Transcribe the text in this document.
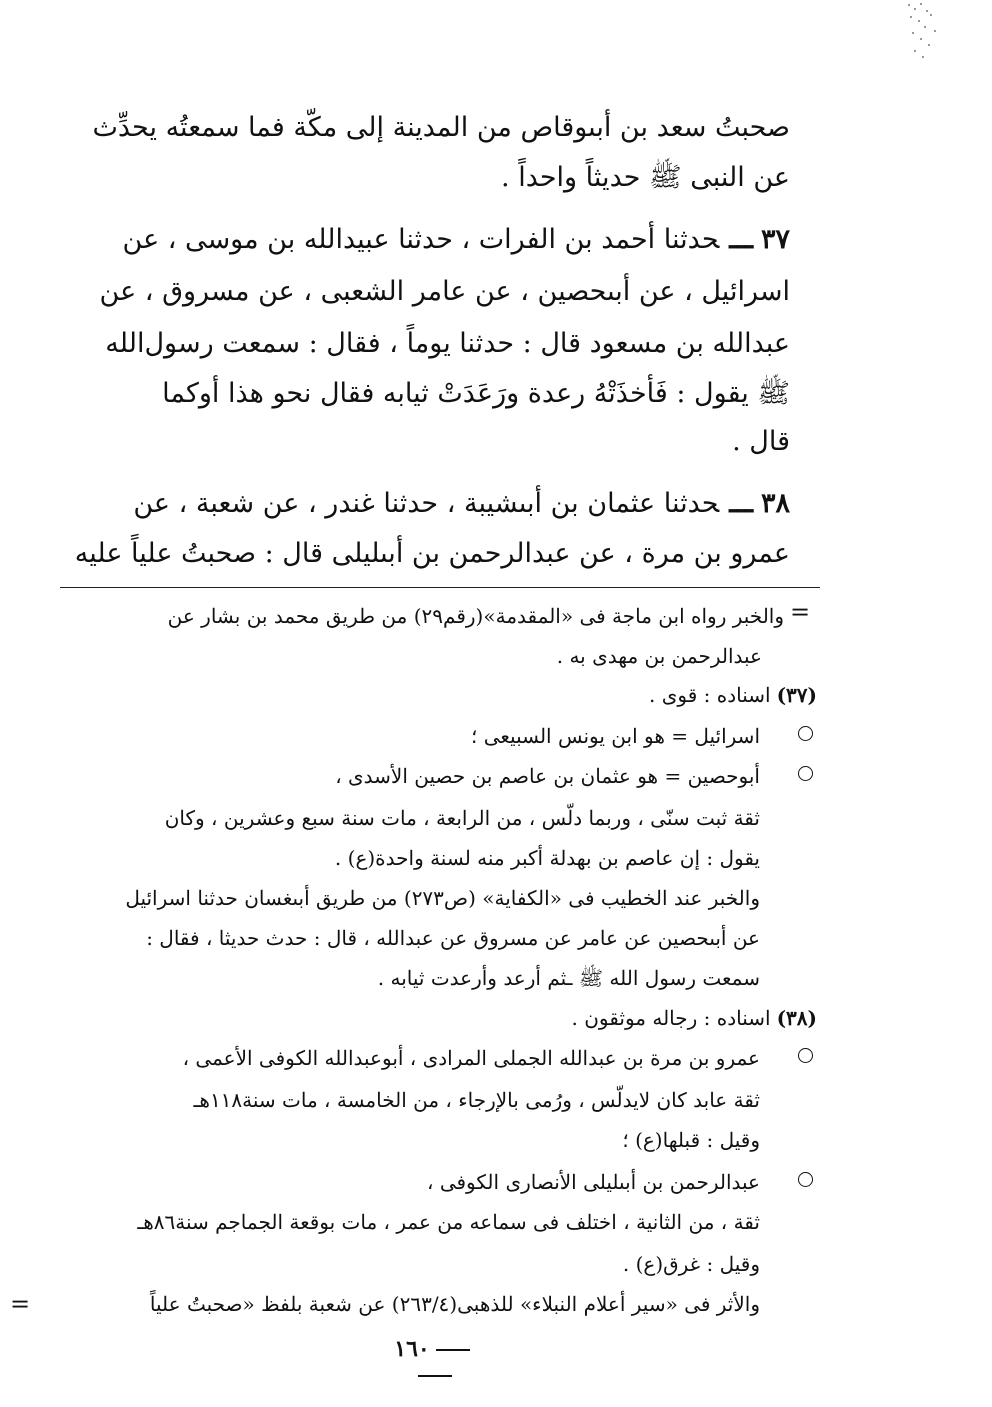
صحبتُ سعد بن أبىوقاص من المدينة إلى مكّة فما سمعتُه يحدِّث
عن النبى ﷺ حديثاً واحداً .
٣٧ـــحدثنا أحمد بن الفرات ، حدثنا عبيدالله بن موسى ، عن
اسرائيل ، عن أبىحصين ، عن عامر الشعبى ، عن مسروق ، عن
عبدالله بن مسعود قال : حدثنا يوماً ، فقال : سمعت رسول‌الله
ﷺ يقول : فَأخذَتْهُ رعدة ورَعَدَتْ ثيابه فقال نحو هذا أوكما
قال .
٣٨ـــحدثنا عثمان بن أبىشيبة ، حدثنا غندر ، عن شعبة ، عن
عمرو بن مرة ، عن عبدالرحمن بن أبىليلى قال : صحبتُ علياً عليه
=
والخبر رواه ابن ماجة فى «المقدمة»(رقم٢٩) من طريق محمد بن بشار عن
عبدالرحمن بن مهدى به .
(٣٧)اسناده : قوى .
اسرائيل = هو ابن يونس السبيعى ؛
أبوحصين = هو عثمان بن عاصم بن حصين الأسدى ،
ثقة ثبت سنّى ، وربما دلّس ، من الرابعة ، مات سنة سبع وعشرين ، وكان
يقول : إن عاصم بن بهدلة أكبر منه لسنة واحدة(ع) .
والخبر عند الخطيب فى «الكفاية» (ص٢٧٣) من طريق أبىغسان حدثنا اسرائيل
عن أبىحصين عن عامر عن مسروق عن عبدالله ، قال : حدث حديثا ، فقال :
سمعت رسول الله ﷺ ـثم أرعد وأرعدت ثيابه .
(٣٨)اسناده : رجاله موثقون .
عمرو بن مرة بن عبدالله الجملى المرادى ، أبوعبدالله الكوفى الأعمى ،
ثقة عابد كان لايدلّس ، ورُمى بالإرجاء ، من الخامسة ، مات سنة١١٨هـ
وقيل : قبلها(ع) ؛
عبدالرحمن بن أبىليلى الأنصارى الكوفى ،
ثقة ، من الثانية ، اختلف فى سماعه من عمر ، مات بوقعة الجماجم سنة٨٦هـ
وقيل : غرق(ع) .
والأثر فى «سير أعلام النبلاء» للذهبى(٢٦٣/٤) عن شعبة بلفظ «صحبتُ علياً
=
١٦٠
